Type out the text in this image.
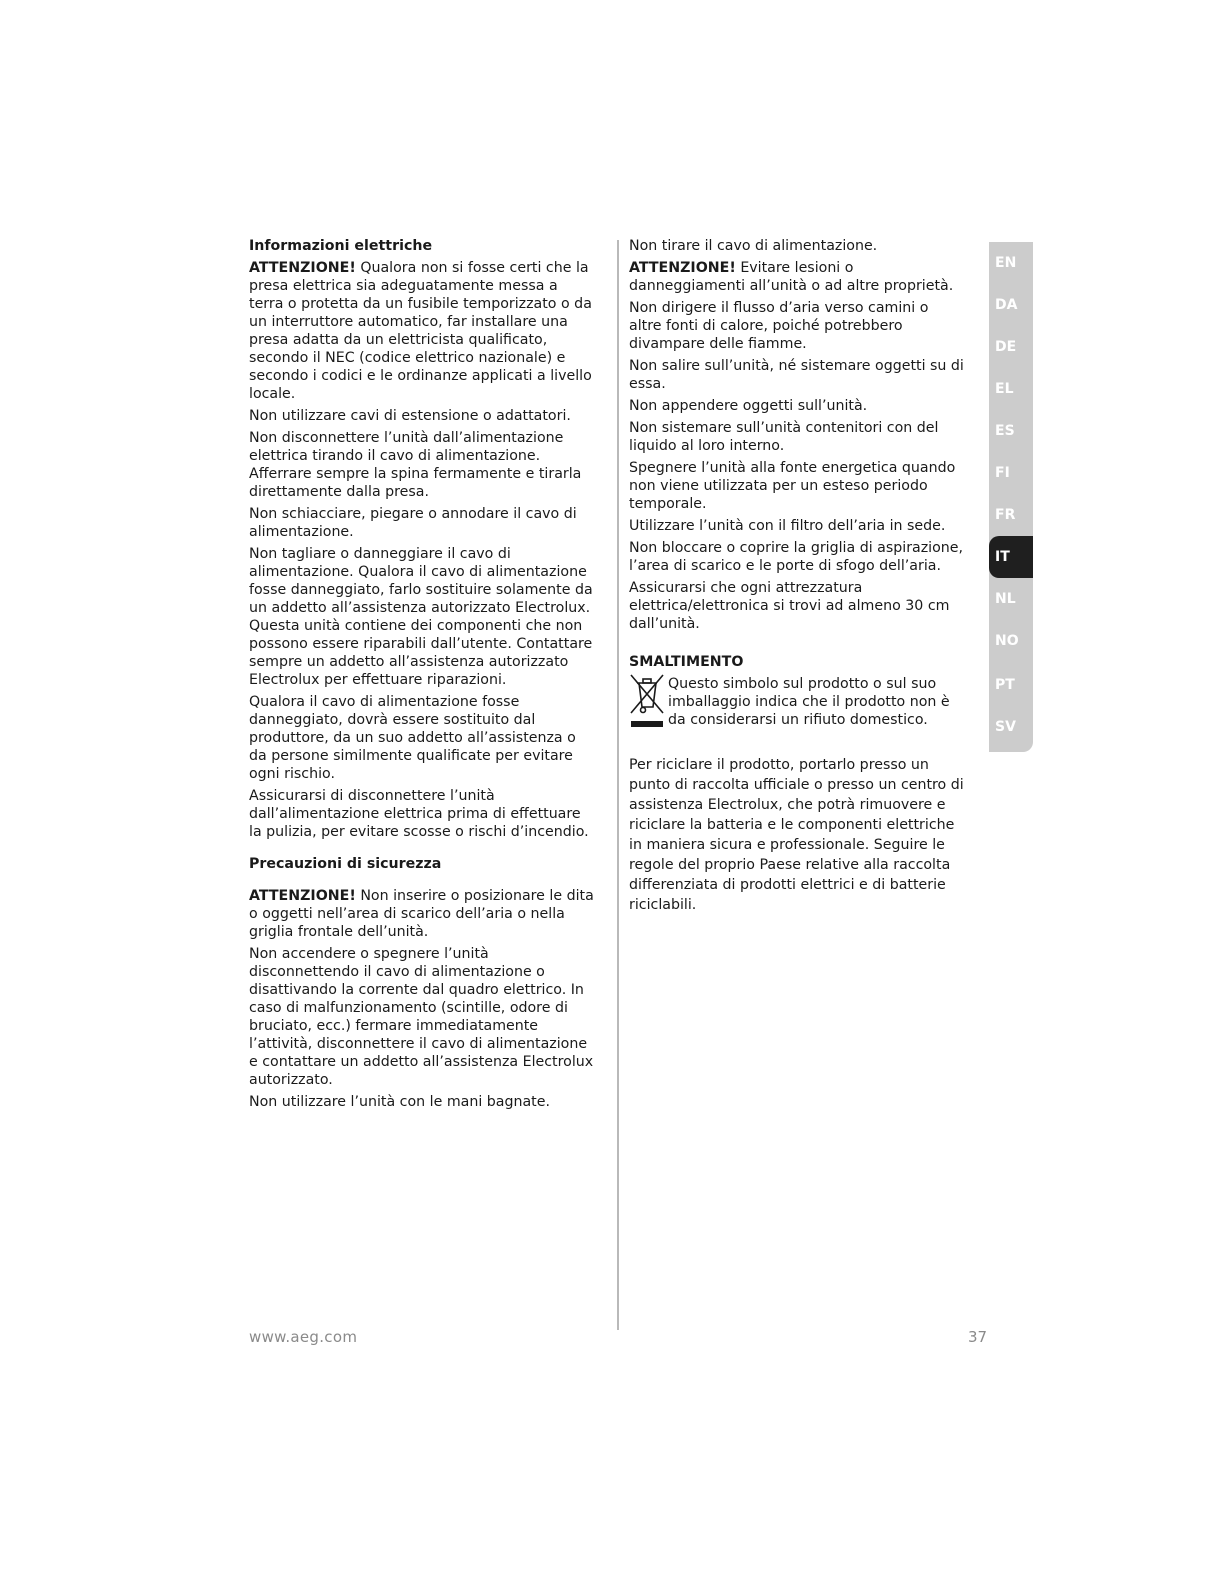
Informazioni elettriche

ATTENZIONE! Qualora non si fosse certi che la presa elettrica sia adeguatamente messa a terra o protetta da un fusibile temporizzato o da un interruttore automatico, far installare una presa adatta da un elettricista qualificato, secondo il NEC (codice elettrico nazionale) e secondo i codici e le ordinanze applicati a livello locale.

Non utilizzare cavi di estensione o adattatori.

Non disconnettere l’unità dall’alimentazione elettrica tirando il cavo di alimentazione. Afferrare sempre la spina fermamente e tirarla direttamente dalla presa.

Non schiacciare, piegare o annodare il cavo di alimentazione.

Non tagliare o danneggiare il cavo di alimentazione. Qualora il cavo di alimentazione fosse danneggiato, farlo sostituire solamente da un addetto all’assistenza autorizzato Electrolux. Questa unità contiene dei componenti che non possono essere riparabili dall’utente. Contattare sempre un addetto all’assistenza autorizzato Electrolux per effettuare riparazioni.

Qualora il cavo di alimentazione fosse danneggiato, dovrà essere sostituito dal produttore, da un suo addetto all’assistenza o da persone similmente qualificate per evitare ogni rischio.

Assicurarsi di disconnettere l’unità dall’alimentazione elettrica prima di effettuare la pulizia, per evitare scosse o rischi d’incendio.

Precauzioni di sicurezza

ATTENZIONE! Non inserire o posizionare le dita o oggetti nell’area di scarico dell’aria o nella griglia frontale dell’unità.

Non accendere o spegnere l’unità disconnettendo il cavo di alimentazione o disattivando la corrente dal quadro elettrico. In caso di malfunzionamento (scintille, odore di bruciato, ecc.) fermare immediatamente l’attività, disconnettere il cavo di alimentazione e contattare un addetto all’assistenza Electrolux autorizzato.

Non utilizzare l’unità con le mani bagnate.

Non tirare il cavo di alimentazione.

ATTENZIONE! Evitare lesioni o danneggiamenti all’unità o ad altre proprietà.

Non dirigere il flusso d’aria verso camini o altre fonti di calore, poiché potrebbero divampare delle fiamme.

Non salire sull’unità, né sistemare oggetti su di essa.

Non appendere oggetti sull’unità.

Non sistemare sull’unità contenitori con del liquido al loro interno.

Spegnere l’unità alla fonte energetica quando non viene utilizzata per un esteso periodo temporale.

Utilizzare l’unità con il filtro dell’aria in sede.

Non bloccare o coprire la griglia di aspirazione, l’area di scarico e le porte di sfogo dell’aria.

Assicurarsi che ogni attrezzatura elettrica/elettronica si trovi ad almeno 30 cm dall’unità.

SMALTIMENTO

Questo simbolo sul prodotto o sul suo imballaggio indica che il prodotto non è da considerarsi un rifiuto domestico.

Per riciclare il prodotto, portarlo presso un punto di raccolta ufficiale o presso un centro di assistenza Electrolux, che potrà rimuovere e riciclare la batteria e le componenti elettriche in maniera sicura e professionale. Seguire le regole del proprio Paese relative alla raccolta differenziata di prodotti elettrici e di batterie riciclabili.

EN
DA
DE
EL
ES
FI
FR
IT
NL
NO
PT
SV
www.aeg.com	37
